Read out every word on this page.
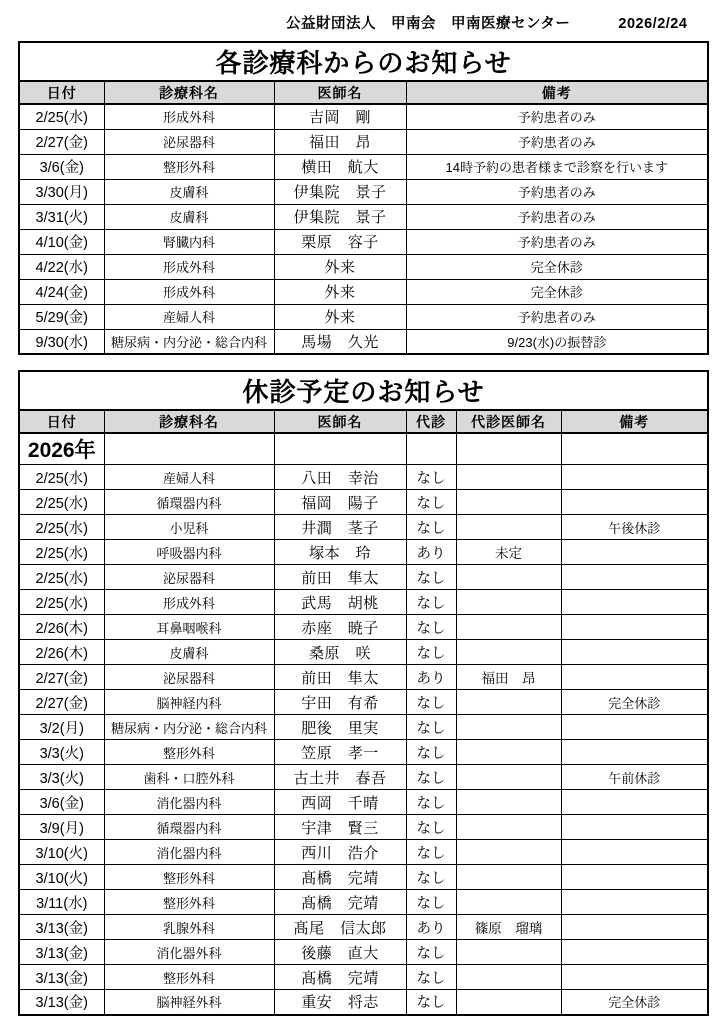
公益財団法人　甲南会　甲南医療センター	2026/2/24
各診療科からのお知らせ			
日付	診療科名	医師名	備考
2/25(水)	形成外科	吉岡　剛	予約患者のみ
2/27(金)	泌尿器科	福田　昂	予約患者のみ
3/6(金)	整形外科	横田　航大	14時予約の患者様まで診察を行います
3/30(月)	皮膚科	伊集院　景子	予約患者のみ
3/31(火)	皮膚科	伊集院　景子	予約患者のみ
4/10(金)	腎臓内科	栗原　容子	予約患者のみ
4/22(水)	形成外科	外来	完全休診
4/24(金)	形成外科	外来	完全休診
5/29(金)	産婦人科	外来	予約患者のみ
9/30(水)	糖尿病・内分泌・総合内科	馬場　久光	9/23(水)の振替診
休診予定のお知らせ					
日付	診療科名	医師名	代診	代診医師名	備考
2026年					
2/25(水)	産婦人科	八田　幸治	なし		
2/25(水)	循環器内科	福岡　陽子	なし		
2/25(水)	小児科	井澗　茎子	なし		午後休診
2/25(水)	呼吸器内科	塚本　玲	あり	未定	
2/25(水)	泌尿器科	前田　隼太	なし		
2/25(水)	形成外科	武馬　胡桃	なし		
2/26(木)	耳鼻咽喉科	赤座　暁子	なし		
2/26(木)	皮膚科	桑原　咲	なし		
2/27(金)	泌尿器科	前田　隼太	あり	福田　昂	
2/27(金)	脳神経内科	宇田　有希	なし		完全休診
3/2(月)	糖尿病・内分泌・総合内科	肥後　里実	なし		
3/3(火)	整形外科	笠原　孝一	なし		
3/3(火)	歯科・口腔外科	古土井　春吾	なし		午前休診
3/6(金)	消化器内科	西岡　千晴	なし		
3/9(月)	循環器内科	宇津　賢三	なし		
3/10(火)	消化器内科	西川　浩介	なし		
3/10(火)	整形外科	髙橋　完靖	なし		
3/11(水)	整形外科	髙橋　完靖	なし		
3/13(金)	乳腺外科	髙尾　信太郎	あり	篠原　瑠璃	
3/13(金)	消化器外科	後藤　直大	なし		
3/13(金)	整形外科	髙橋　完靖	なし		
3/13(金)	脳神経外科	重安　将志	なし		完全休診
